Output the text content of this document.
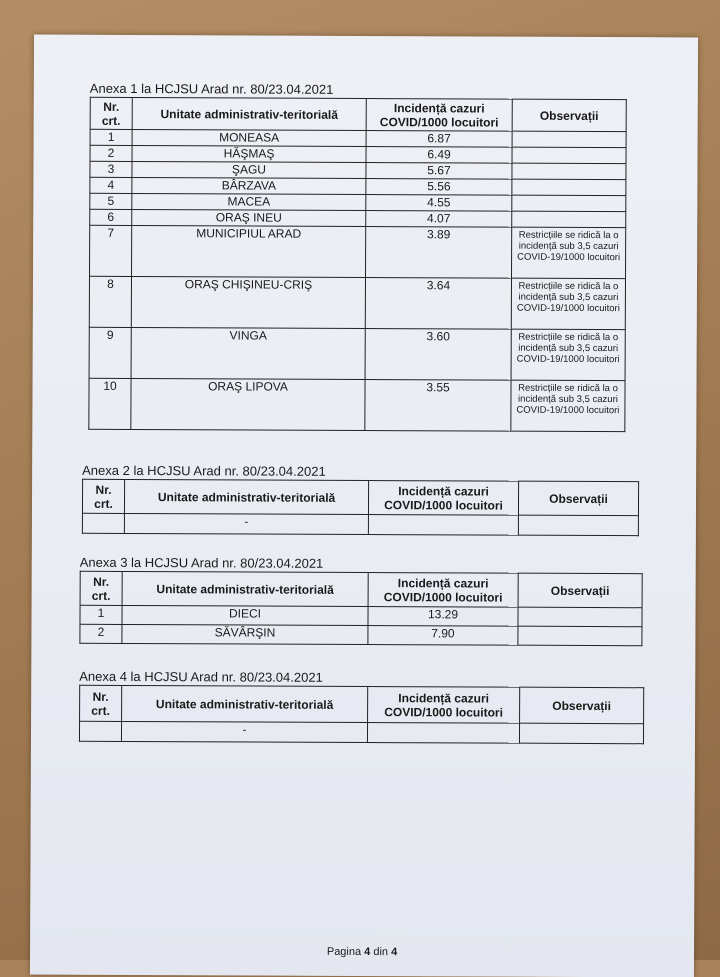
Anexa 1 la HCJSU Arad nr. 80/23.04.2021
Nr. crt.	Unitate administrativ-teritorială	Incidență cazuri COVID/1000 locuitori	Observații
1	MONEASA	6.87	
2	HĂŞMAŞ	6.49	
3	ŞAGU	5.67	
4	BÂRZAVA	5.56	
5	MACEA	4.55	
6	ORAŞ INEU	4.07	
7	MUNICIPIUL ARAD	3.89	Restricțiile se ridică la o incidență sub 3,5 cazuri COVID-19/1000 locuitori
8	ORAŞ CHIŞINEU-CRIŞ	3.64	Restricțiile se ridică la o incidență sub 3,5 cazuri COVID-19/1000 locuitori
9	VINGA	3.60	Restricțiile se ridică la o incidență sub 3,5 cazuri COVID-19/1000 locuitori
10	ORAŞ LIPOVA	3.55	Restricțiile se ridică la o incidență sub 3,5 cazuri COVID-19/1000 locuitori
Anexa 2 la HCJSU Arad nr. 80/23.04.2021
Nr. crt.	Unitate administrativ-teritorială	Incidență cazuri COVID/1000 locuitori	Observații
	-		
Anexa 3 la HCJSU Arad nr. 80/23.04.2021
Nr. crt.	Unitate administrativ-teritorială	Incidență cazuri COVID/1000 locuitori	Observații
1	DIECI	13.29	
2	SĂVÂRŞIN	7.90	
Anexa 4 la HCJSU Arad nr. 80/23.04.2021
Nr. crt.	Unitate administrativ-teritorială	Incidență cazuri COVID/1000 locuitori	Observații
	-		
Pagina 4 din 4
